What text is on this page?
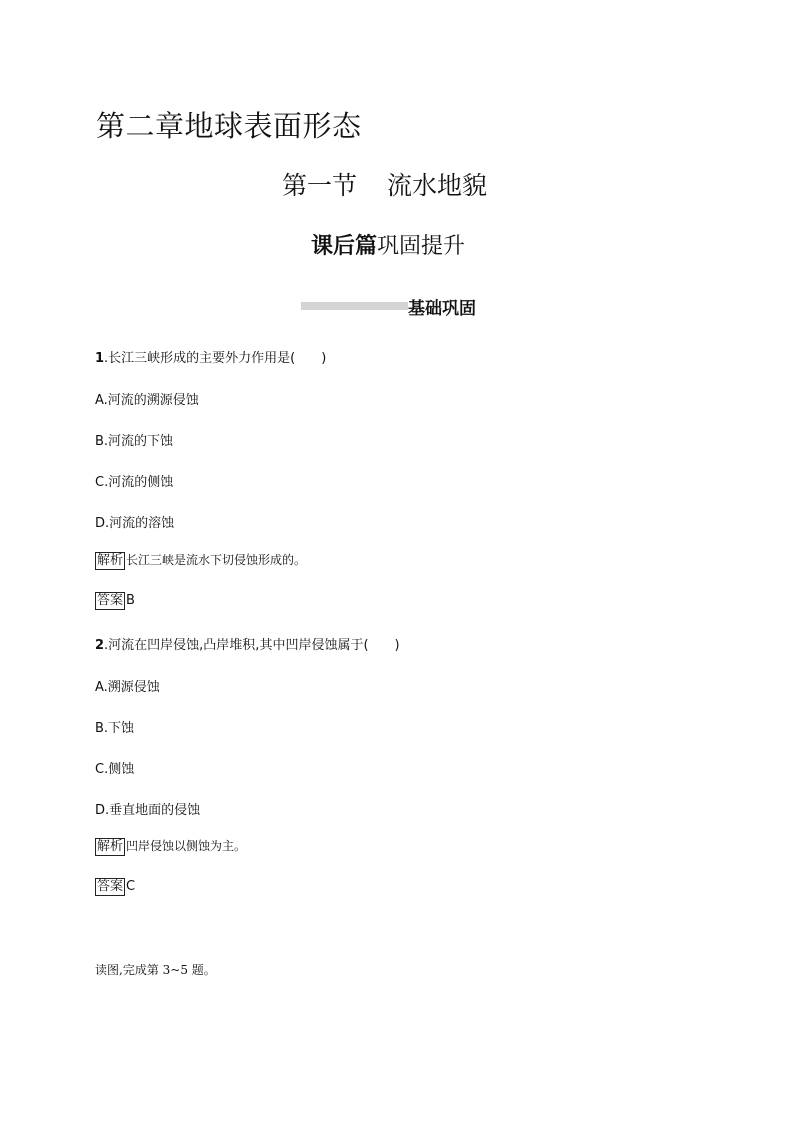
第二章地球表面形态
第一节 流水地貌
课后篇巩固提升
基础巩固
1.长江三峡形成的主要外力作用是(　　)
A.河流的溯源侵蚀
B.河流的下蚀
C.河流的侧蚀
D.河流的溶蚀
解析 长江三峡是流水下切侵蚀形成的。
答案 B
2.河流在凹岸侵蚀,凸岸堆积,其中凹岸侵蚀属于(　　)
A.溯源侵蚀
B.下蚀
C.侧蚀
D.垂直地面的侵蚀
解析 凹岸侵蚀以侧蚀为主。
答案 C
读图,完成第 3~5 题。
